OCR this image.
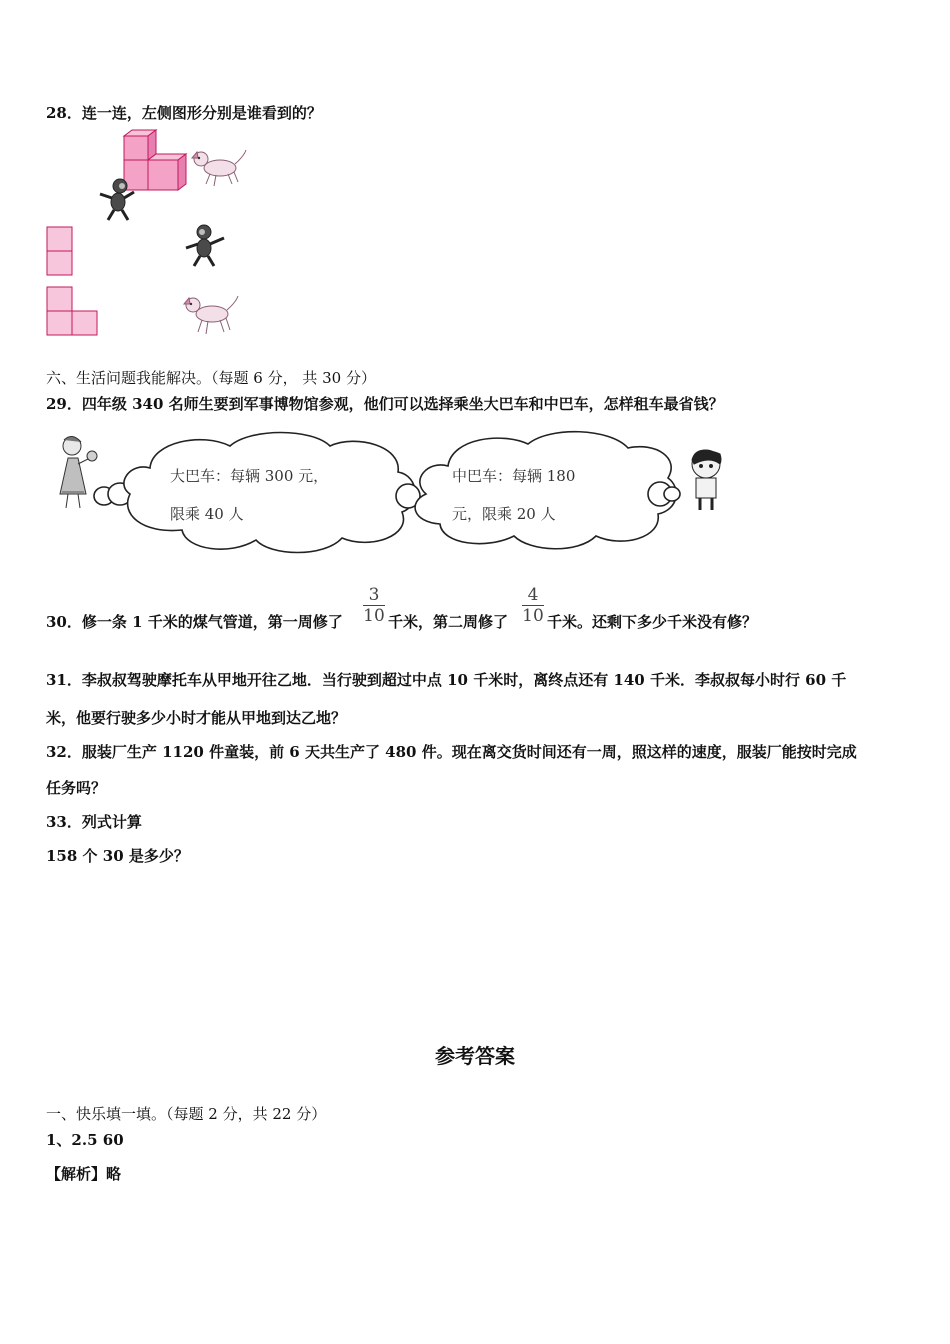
28．连一连，左侧图形分别是谁看到的？
六、生活问题我能解决。（每题 6 分， 共 30 分）
29．四年级 340 名师生要到军事博物馆参观，他们可以选择乘坐大巴车和中巴车，怎样租车最省钱？
大巴车：每辆 300 元，
限乘 40 人
中巴车：每辆 180
元，限乘 20 人
30．修一条 1 千米的煤气管道，第一周修了
3
10 千米，第二周修了
4
10 千米。还剩下多少千米没有修？
31．李叔叔驾驶摩托车从甲地开往乙地．当行驶到超过中点 10 千米时，离终点还有 140 千米．李叔叔每小时行 60 千
米，他要行驶多少小时才能从甲地到达乙地？
32．服装厂生产 1120 件童装，前 6 天共生产了 480 件。现在离交货时间还有一周，照这样的速度，服装厂能按时完成
任务吗？
33．列式计算
158 个 30 是多少？
参考答案
一、快乐填一填。（每题 2 分，共 22 分）
1、2.5 60
【解析】略
